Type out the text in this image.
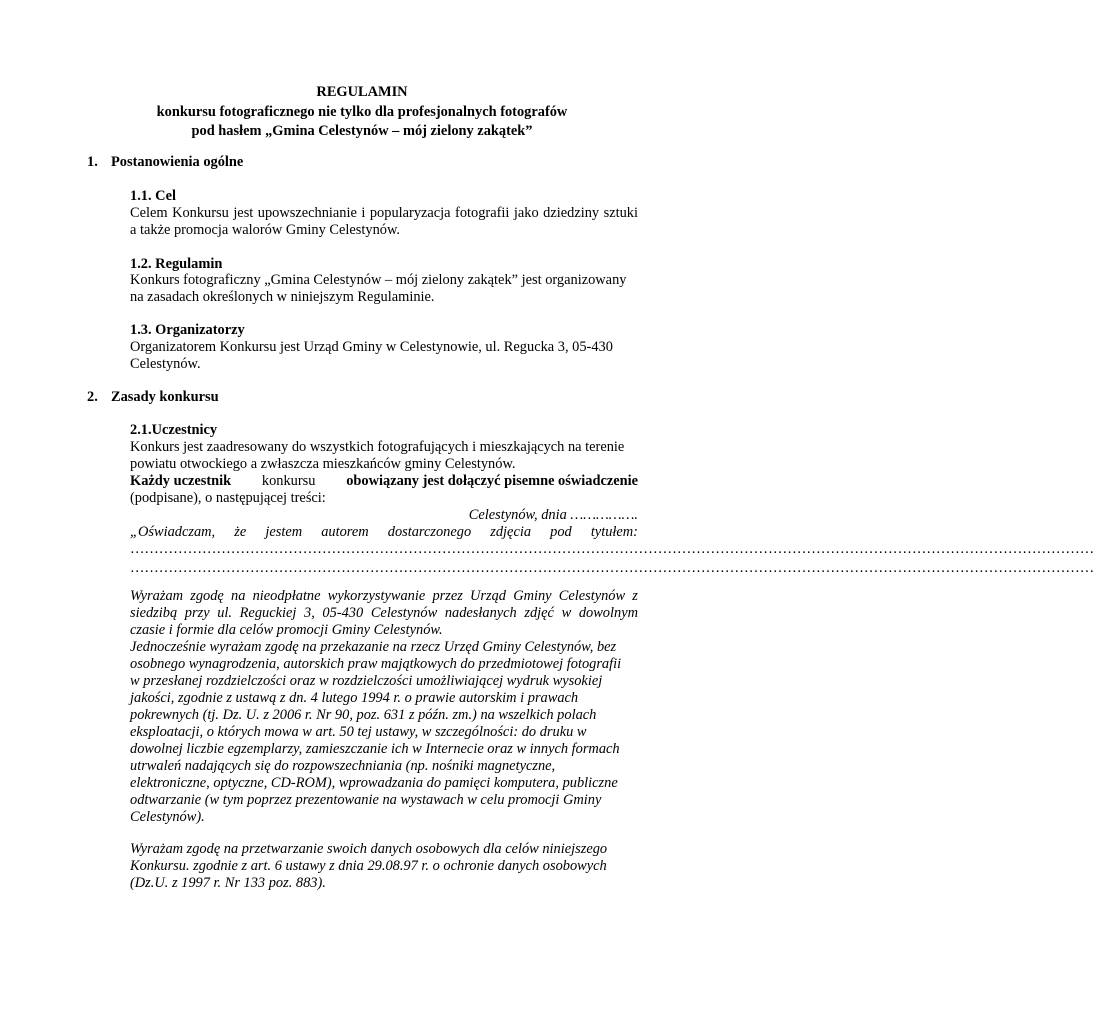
REGULAMIN
konkursu fotograficznego nie tylko dla profesjonalnych fotografów
pod hasłem „Gmina Celestynów – mój zielony zakątek”
1. Postanowienia ogólne
1.1. Cel
Celem Konkursu jest upowszechnianie i popularyzacja fotografii jako dziedziny sztuki
a także promocja walorów Gminy Celestynów.
1.2. Regulamin
Konkurs fotograficzny „Gmina Celestynów – mój zielony zakątek” jest organizowany
na zasadach określonych w niniejszym Regulaminie.
1.3. Organizatorzy
Organizatorem Konkursu jest Urząd Gminy w Celestynowie, ul. Regucka 3, 05-430
Celestynów.
2. Zasady konkursu
2.1.Uczestnicy
Konkurs jest zaadresowany do wszystkich fotografujących i mieszkających na terenie
powiatu otwockiego a zwłaszcza mieszkańców gminy Celestynów.
Każdy uczestnik konkursu obowiązany jest dołączyć pisemne oświadczenie
(podpisane), o następującej treści:
Celestynów, dnia …………….
„Oświadczam, że jestem autorem dostarczonego zdjęcia pod tytułem:
…………………………………………………………………………………………………………………………………………………………………………………
…………………………………………………………………………………………………………………………………………………………………………………
Wyrażam zgodę na nieodpłatne wykorzystywanie przez Urząd Gminy Celestynów z
siedzibą przy ul. Reguckiej 3, 05-430 Celestynów nadesłanych zdjęć w dowolnym
czasie i formie dla celów promocji Gminy Celestynów.
Jednocześnie wyrażam zgodę na przekazanie na rzecz Urzęd Gminy Celestynów, bez
osobnego wynagrodzenia, autorskich praw majątkowych do przedmiotowej fotografii
w przesłanej rozdzielczości oraz w rozdzielczości umożliwiającej wydruk wysokiej
jakości, zgodnie z ustawą z dn. 4 lutego 1994 r. o prawie autorskim i prawach
pokrewnych (tj. Dz. U. z 2006 r. Nr 90, poz. 631 z późn. zm.) na wszelkich polach
eksploatacji, o których mowa w art. 50 tej ustawy, w szczególności: do druku w
dowolnej liczbie egzemplarzy, zamieszczanie ich w Internecie oraz w innych formach
utrwaleń nadających się do rozpowszechniania (np. nośniki magnetyczne,
elektroniczne, optyczne, CD-ROM), wprowadzania do pamięci komputera, publiczne
odtwarzanie (w tym poprzez prezentowanie na wystawach w celu promocji Gminy
Celestynów).
Wyrażam zgodę na przetwarzanie swoich danych osobowych dla celów niniejszego
Konkursu. zgodnie z art. 6 ustawy z dnia 29.08.97 r. o ochronie danych osobowych
(Dz.U. z 1997 r. Nr 133 poz. 883).
